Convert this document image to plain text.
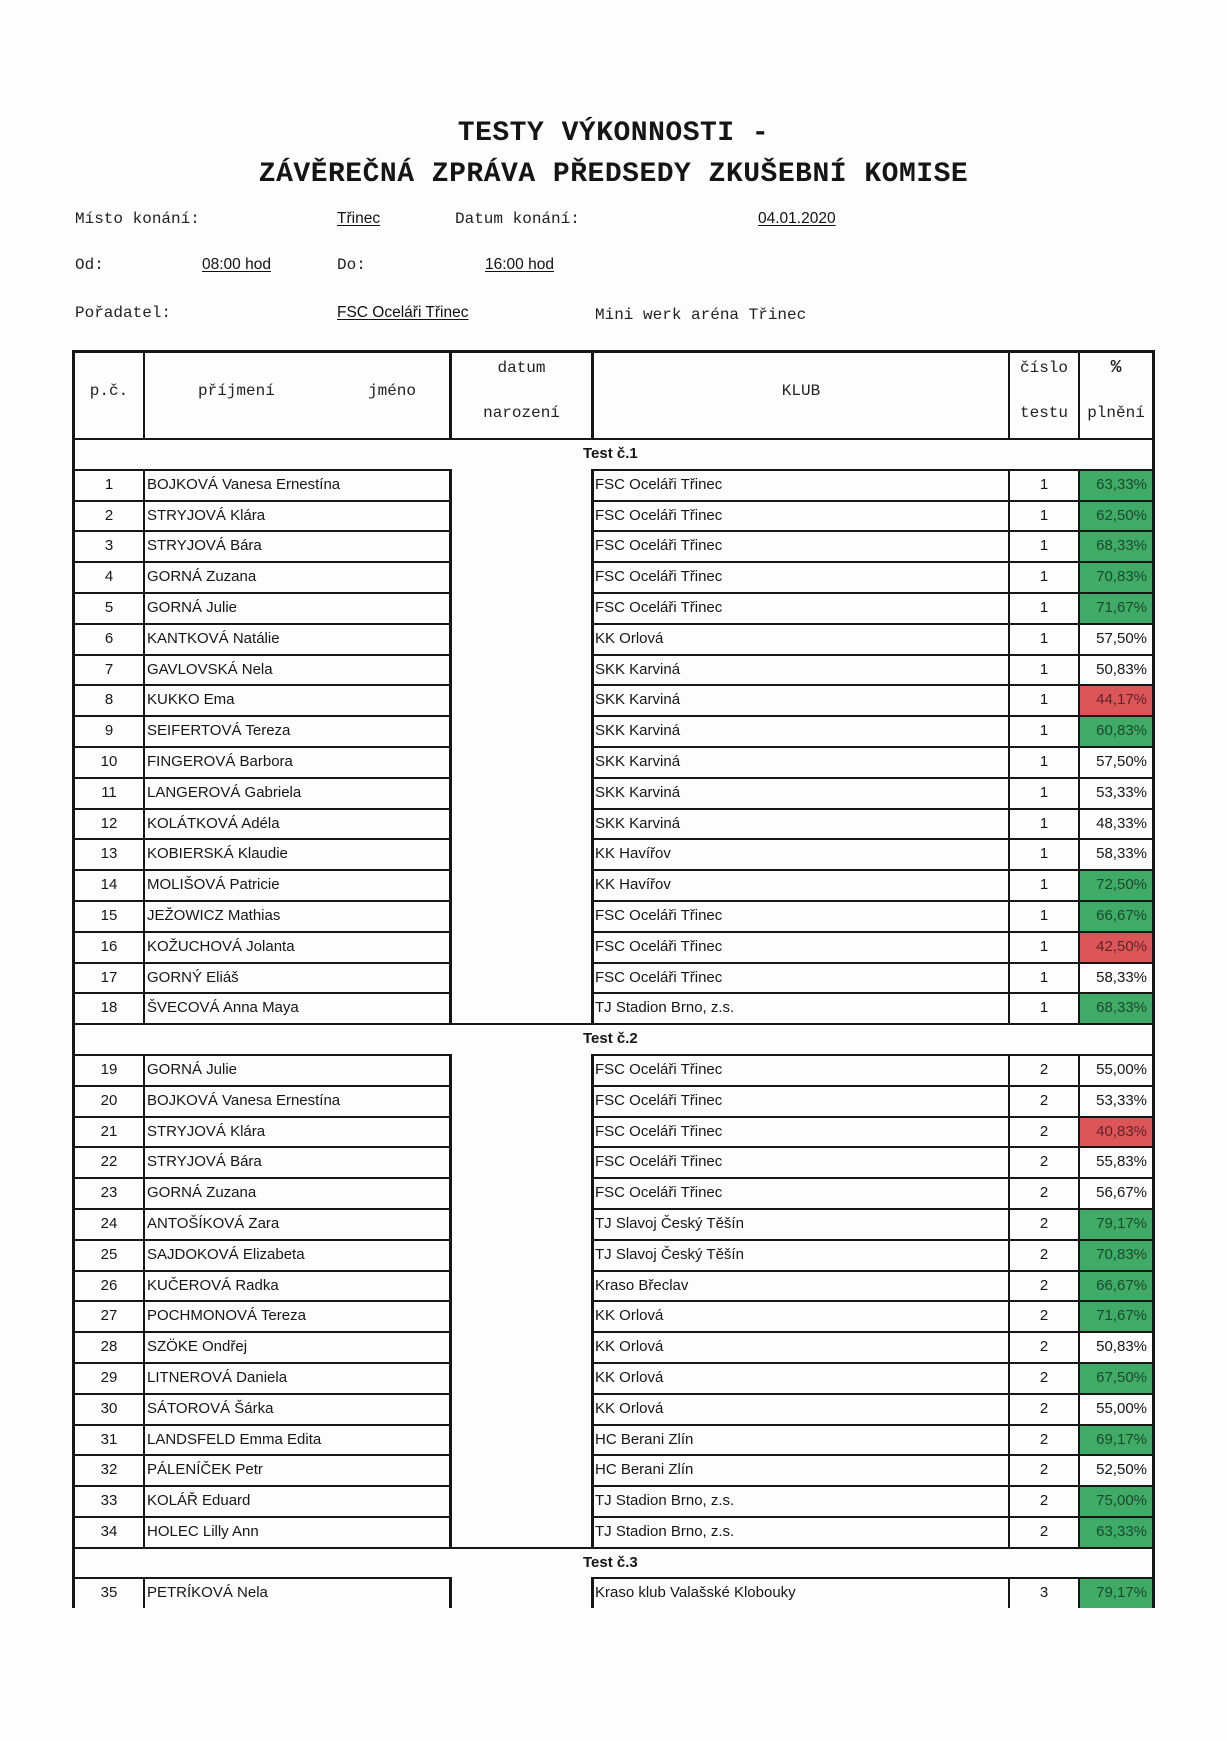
TESTY VÝKONNOSTI -
ZÁVĚREČNÁ ZPRÁVA PŘEDSEDY ZKUŠEBNÍ KOMISE
Místo konání:	Třinec	Datum konání:	04.01.2020
Od:	08:00 hod	Do:	16:00 hod
Pořadatel:	FSC Oceláři Třinec	Mini werk aréna Třinec
p.č.	příjmení	jméno
datum
narození
KLUB
číslo
testu
%
plnění
Test č.1
1	BOJKOVÁ Vanesa Ernestína	FSC Oceláři Třinec	1	63,33%
2	STRYJOVÁ Klára	FSC Oceláři Třinec	1	62,50%
3	STRYJOVÁ Bára	FSC Oceláři Třinec	1	68,33%
4	GORNÁ Zuzana	FSC Oceláři Třinec	1	70,83%
5	GORNÁ Julie	FSC Oceláři Třinec	1	71,67%
6	KANTKOVÁ Natálie	KK Orlová	1	57,50%
7	GAVLOVSKÁ Nela	SKK Karviná	1	50,83%
8	KUKKO Ema	SKK Karviná	1	44,17%
9	SEIFERTOVÁ Tereza	SKK Karviná	1	60,83%
10	FINGEROVÁ Barbora	SKK Karviná	1	57,50%
11	LANGEROVÁ Gabriela	SKK Karviná	1	53,33%
12	KOLÁTKOVÁ Adéla	SKK Karviná	1	48,33%
13	KOBIERSKÁ Klaudie	KK Havířov	1	58,33%
14	MOLIŠOVÁ Patricie	KK Havířov	1	72,50%
15	JEŽOWICZ Mathias	FSC Oceláři Třinec	1	66,67%
16	KOŽUCHOVÁ Jolanta	FSC Oceláři Třinec	1	42,50%
17	GORNÝ Eliáš	FSC Oceláři Třinec	1	58,33%
18	ŠVECOVÁ Anna Maya	TJ Stadion Brno, z.s.	1	68,33%
Test č.2
19	GORNÁ Julie	FSC Oceláři Třinec	2	55,00%
20	BOJKOVÁ Vanesa Ernestína	FSC Oceláři Třinec	2	53,33%
21	STRYJOVÁ Klára	FSC Oceláři Třinec	2	40,83%
22	STRYJOVÁ Bára	FSC Oceláři Třinec	2	55,83%
23	GORNÁ Zuzana	FSC Oceláři Třinec	2	56,67%
24	ANTOŠÍKOVÁ Zara	TJ Slavoj Český Těšín	2	79,17%
25	SAJDOKOVÁ Elizabeta	TJ Slavoj Český Těšín	2	70,83%
26	KUČEROVÁ Radka	Kraso Břeclav	2	66,67%
27	POCHMONOVÁ Tereza	KK Orlová	2	71,67%
28	SZÖKE Ondřej	KK Orlová	2	50,83%
29	LITNEROVÁ Daniela	KK Orlová	2	67,50%
30	SÁTOROVÁ Šárka	KK Orlová	2	55,00%
31	LANDSFELD Emma Edita	HC Berani Zlín	2	69,17%
32	PÁLENÍČEK Petr	HC Berani Zlín	2	52,50%
33	KOLÁŘ Eduard	TJ Stadion Brno, z.s.	2	75,00%
34	HOLEC Lilly Ann	TJ Stadion Brno, z.s.	2	63,33%
Test č.3
35	PETRÍKOVÁ Nela	Kraso klub Valašské Klobouky	3	79,17%
